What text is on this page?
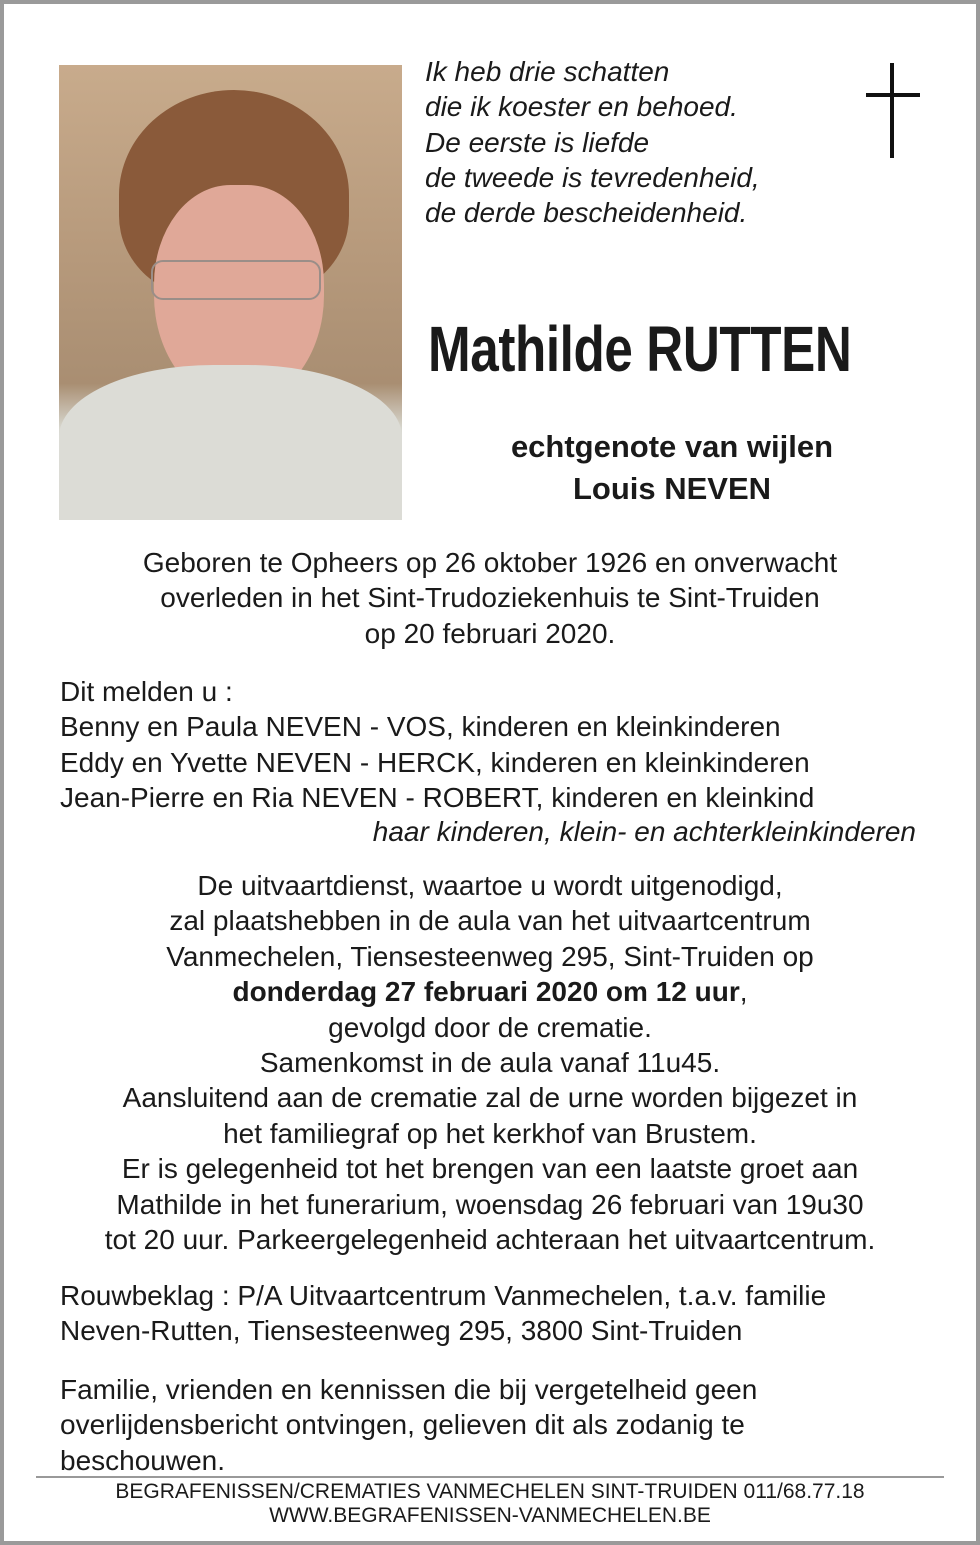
Ik heb drie schatten
die ik koester en behoed.
De eerste is liefde
de tweede is tevredenheid,
de derde bescheidenheid.
Mathilde RUTTEN
echtgenote van wijlen
Louis NEVEN
Geboren te Opheers op 26 oktober 1926 en onverwacht
overleden in het Sint-Trudoziekenhuis te Sint-Truiden
op 20 februari 2020.
Dit melden u :
Benny en Paula NEVEN - VOS, kinderen en kleinkinderen
Eddy en Yvette NEVEN - HERCK, kinderen en kleinkinderen
Jean-Pierre en Ria NEVEN - ROBERT, kinderen en kleinkind
haar kinderen, klein- en achterkleinkinderen
De uitvaartdienst, waartoe u wordt uitgenodigd,
zal plaatshebben in de aula van het uitvaartcentrum
Vanmechelen, Tiensesteenweg 295, Sint-Truiden op
donderdag 27 februari 2020 om 12 uur,
gevolgd door de crematie.
Samenkomst in de aula vanaf 11u45.
Aansluitend aan de crematie zal de urne worden bijgezet in
het familiegraf op het kerkhof van Brustem.
Er is gelegenheid tot het brengen van een laatste groet aan
Mathilde in het funerarium, woensdag 26 februari van 19u30
tot 20 uur. Parkeergelegenheid achteraan het uitvaartcentrum.
Rouwbeklag : P/A Uitvaartcentrum Vanmechelen, t.a.v. familie
Neven-Rutten, Tiensesteenweg 295, 3800 Sint-Truiden
Familie, vrienden en kennissen die bij vergetelheid geen
overlijdensbericht ontvingen, gelieven dit als zodanig te
beschouwen.
BEGRAFENISSEN/CREMATIES VANMECHELEN SINT-TRUIDEN 011/68.77.18
WWW.BEGRAFENISSEN-VANMECHELEN.BE
